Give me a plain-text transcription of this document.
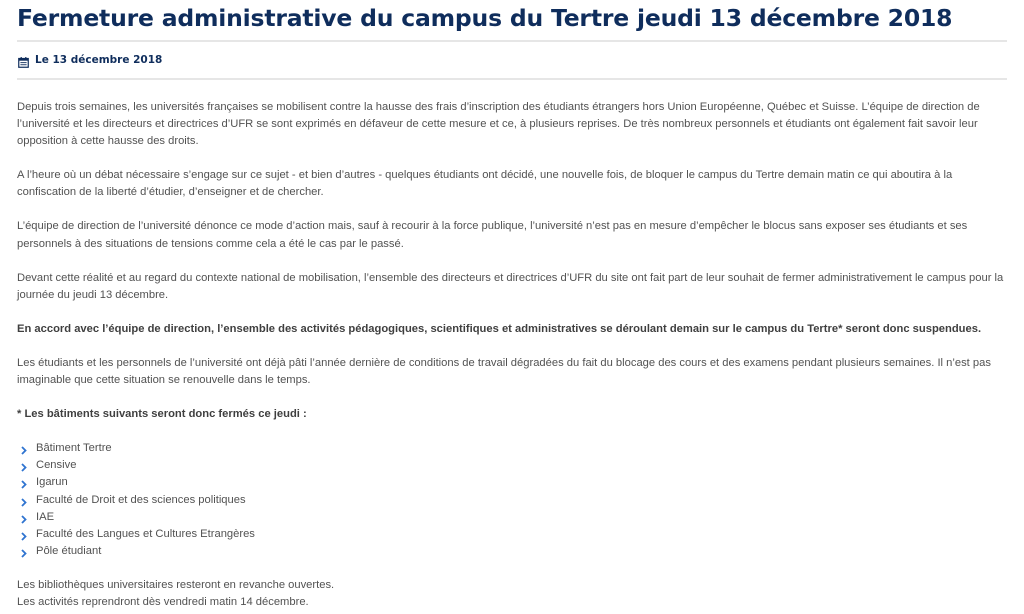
Fermeture administrative du campus du Tertre jeudi 13 décembre 2018
Le 13 décembre 2018

Depuis trois semaines, les universités françaises se mobilisent contre la hausse des frais d’inscription des étudiants étrangers hors Union Européenne, Québec et Suisse. L’équipe de direction de l’université et les directeurs et directrices d’UFR se sont exprimés en défaveur de cette mesure et ce, à plusieurs reprises. De très nombreux personnels et étudiants ont également fait savoir leur opposition à cette hausse des droits.

A l’heure où un débat nécessaire s’engage sur ce sujet - et bien d’autres - quelques étudiants ont décidé, une nouvelle fois, de bloquer le campus du Tertre demain matin ce qui aboutira à la confiscation de la liberté d’étudier, d’enseigner et de chercher.

L’équipe de direction de l’université dénonce ce mode d’action mais, sauf à recourir à la force publique, l’université n’est pas en mesure d’empêcher le blocus sans exposer ses étudiants et ses personnels à des situations de tensions comme cela a été le cas par le passé.

Devant cette réalité et au regard du contexte national de mobilisation, l’ensemble des directeurs et directrices d’UFR du site ont fait part de leur souhait de fermer administrativement le campus pour la journée du jeudi 13 décembre.

En accord avec l’équipe de direction, l’ensemble des activités pédagogiques, scientifiques et administratives se déroulant demain sur le campus du Tertre* seront donc suspendues.

Les étudiants et les personnels de l’université ont déjà pâti l’année dernière de conditions de travail dégradées du fait du blocage des cours et des examens pendant plusieurs semaines. Il n’est pas imaginable que cette situation se renouvelle dans le temps.

* Les bâtiments suivants seront donc fermés ce jeudi :

Bâtiment Tertre
Censive
Igarun
Faculté de Droit et des sciences politiques
IAE
Faculté des Langues et Cultures Etrangères
Pôle étudiant

Les bibliothèques universitaires resteront en revanche ouvertes.

Les activités reprendront dès vendredi matin 14 décembre.
